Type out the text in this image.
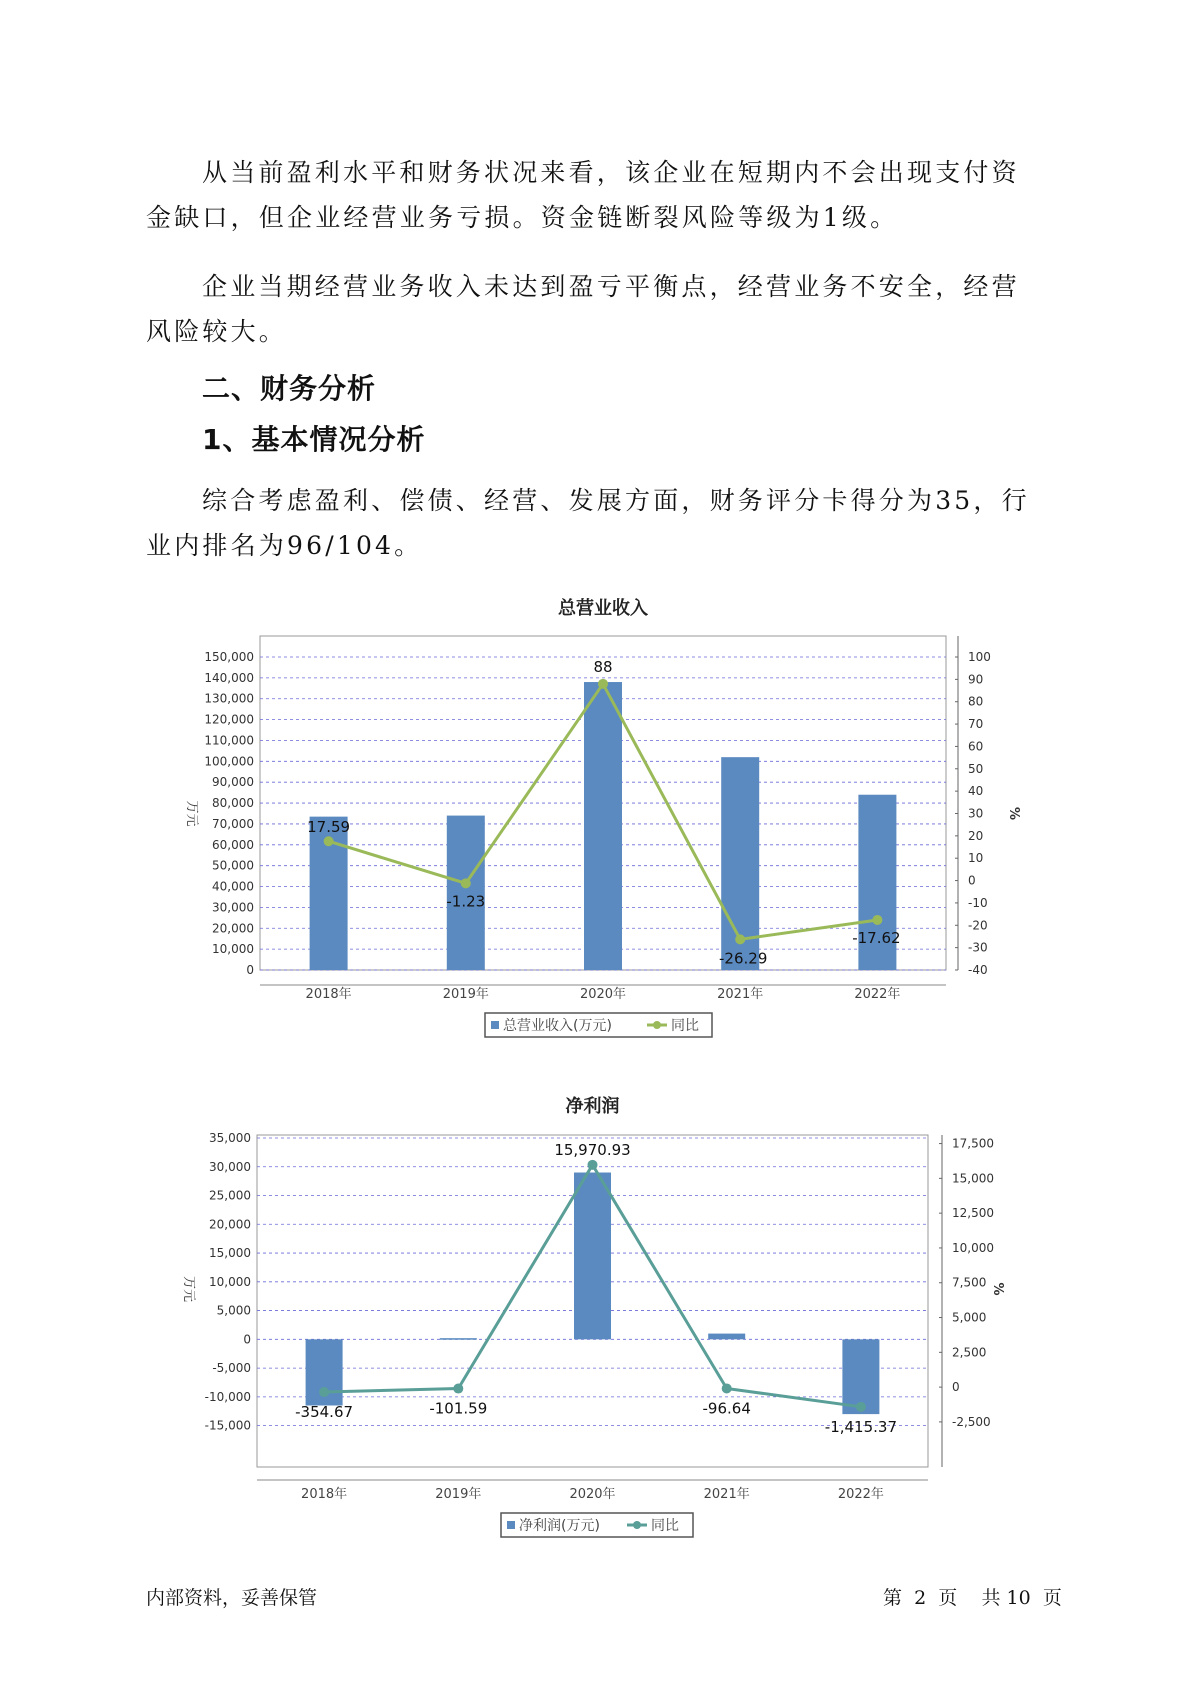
从当前盈利水平和财务状况来看，该企业在短期内不会出现支付资金缺口，但企业经营业务亏损。资金链断裂风险等级为1级。

企业当期经营业务收入未达到盈亏平衡点，经营业务不安全，经营风险较大。

二、财务分析
1、基本情况分析

综合考虑盈利、偿债、经营、发展方面，财务评分卡得分为35，行业内排名为96/104。

总营业收入
150,000
140,000
130,000
120,000
110,000
100,000
90,000
80,000
70,000
60,000
50,000
40,000
30,000
20,000
10,000
0
100
90
80
70
60
50
40
30
20
10
0
-10
-20
-30
-40
万元	%
2018年	2019年	2020年	2021年	2022年
17.59
-1.23
88
-26.29
-17.62
总营业收入(万元)	同比
净利润
35,000
30,000
25,000
20,000
15,000
10,000
5,000
0
-5,000
-10,000
-15,000
17,500
15,000
12,500
10,000
7,500
5,000
2,500
0
-2,500
万元	%
2018年	2019年	2020年	2021年	2022年
-354.67	-101.59
15,970.93
-96.64
-1,415.37
净利润(万元)	同比
内部资料，妥善保管	第 2 页 共 10 页
